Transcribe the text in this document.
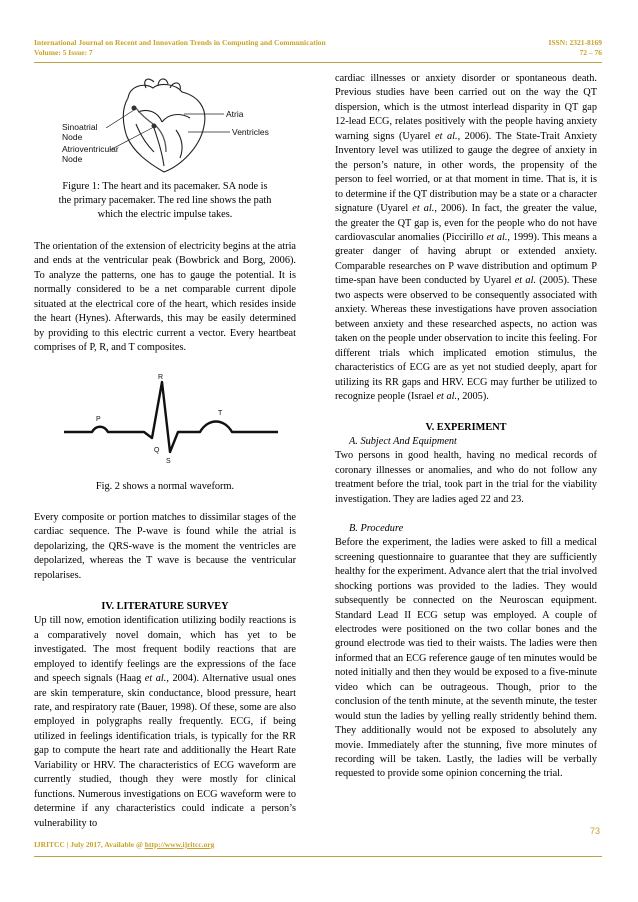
International Journal on Recent and Innovation Trends in Computing and Communication
Volume: 5 Issue: 7
ISSN: 2321-8169
72 – 76
Atria
Ventricles
Sinoatrial
Node
Atrioventricular
Node
Figure 1: The heart and its pacemaker. SA node is
the primary pacemaker. The red line shows the path
which the electric impulse takes.

The orientation of the extension of electricity begins at the atria and ends at the ventricular peak (Bowbrick and Borg, 2006). To analyze the patterns, one has to gauge the potential. It is normally considered to be a net comparable current dipole situated at the electrical core of the heart, which resides inside the heart (Hynes). Afterwards, this may be easily determined by providing to this electric current a vector. Every heartbeat comprises of P, R, and T composites.

R
P
T
Q
S
Fig. 2 shows a normal waveform.

Every composite or portion matches to dissimilar stages of the cardiac sequence. The P-wave is found while the atrial is depolarizing, the QRS-wave is the moment the ventricles are depolarized, whereas the T wave is because the ventricular repolarises.

IV. LITERATURE SURVEY

Up till now, emotion identification utilizing bodily reactions is a comparatively novel domain, which has yet to be investigated. The most frequent bodily reactions that are employed to identify feelings are the expressions of the face and speech signals (Haag et al., 2004). Alternative usual ones are skin temperature, skin conductance, blood pressure, heart rate, and respiratory rate (Bauer, 1998). Of these, some are also employed in polygraphs really frequently. ECG, if being utilized in feelings identification trials, is typically for the RR gap to compute the heart rate and additionally the Heart Rate Variability or HRV. The characteristics of ECG waveform are currently studied, though they were mostly for clinical functions. Numerous investigations on ECG waveform were to determine if any characteristics could indicate a person’s vulnerability to

cardiac illnesses or anxiety disorder or spontaneous death. Previous studies have been carried out on the way the QT dispersion, which is the utmost interlead disparity in QT gap 12-lead ECG, relates positively with the people having anxiety warning signs (Uyarel et al., 2006). The State-Trait Anxiety Inventory level was utilized to gauge the degree of anxiety in the person’s nature, in other words, the propensity of the person to feel worried, or at that moment in time. That is, it is to determine if the QT distribution may be a state or a character signature (Uyarel et al., 2006). In fact, the greater the value, the greater the QT gap is, even for the people who do not have cardiovascular anomalies (Piccirillo et al., 1999). This means a greater danger of having abrupt or extended anxiety. Comparable researches on P wave distribution and optimum P time-span have been conducted by Uyarel et al. (2005). These two aspects were observed to be consequently associated with anxiety. Whereas these investigations have proven association between anxiety and these researched aspects, no action was taken on the people under observation to incite this feeling. For different trials which implicated emotion stimulus, the characteristics of ECG are as yet not studied deeply, apart for utilizing its RR gaps and HRV. ECG may further be utilized to recognize people (Israel et al., 2005).

V. EXPERIMENT
A. Subject And Equipment

Two persons in good health, having no medical records of coronary illnesses or anomalies, and who do not follow any treatment before the trial, took part in the trial for the viability investigation. They are ladies aged 22 and 23.

B. Procedure

Before the experiment, the ladies were asked to fill a medical screening questionnaire to guarantee that they are sufficiently healthy for the experiment. Advance alert that the trial involved shocking portions was provided to the ladies. They would subsequently be connected on the Neuroscan equipment. Standard Lead II ECG setup was employed. A couple of electrodes were positioned on the two collar bones and the ground electrode was tied to their waists. The ladies were then informed that an ECG reference gauge of ten minutes would be noted initially and then they would be exposed to a five-minute video which can be outrageous. Though, prior to the conclusion of the tenth minute, at the seventh minute, the tester would stun the ladies by yelling really stridently behind them. They additionally would not be exposed to absolutely any movie. Immediately after the stunning, five more minutes of recording will be taken. Lastly, the ladies will be verbally requested to provide some opinion concerning the trial.

73
IJRITCC | July 2017, Available @ http://www.ijritcc.org
